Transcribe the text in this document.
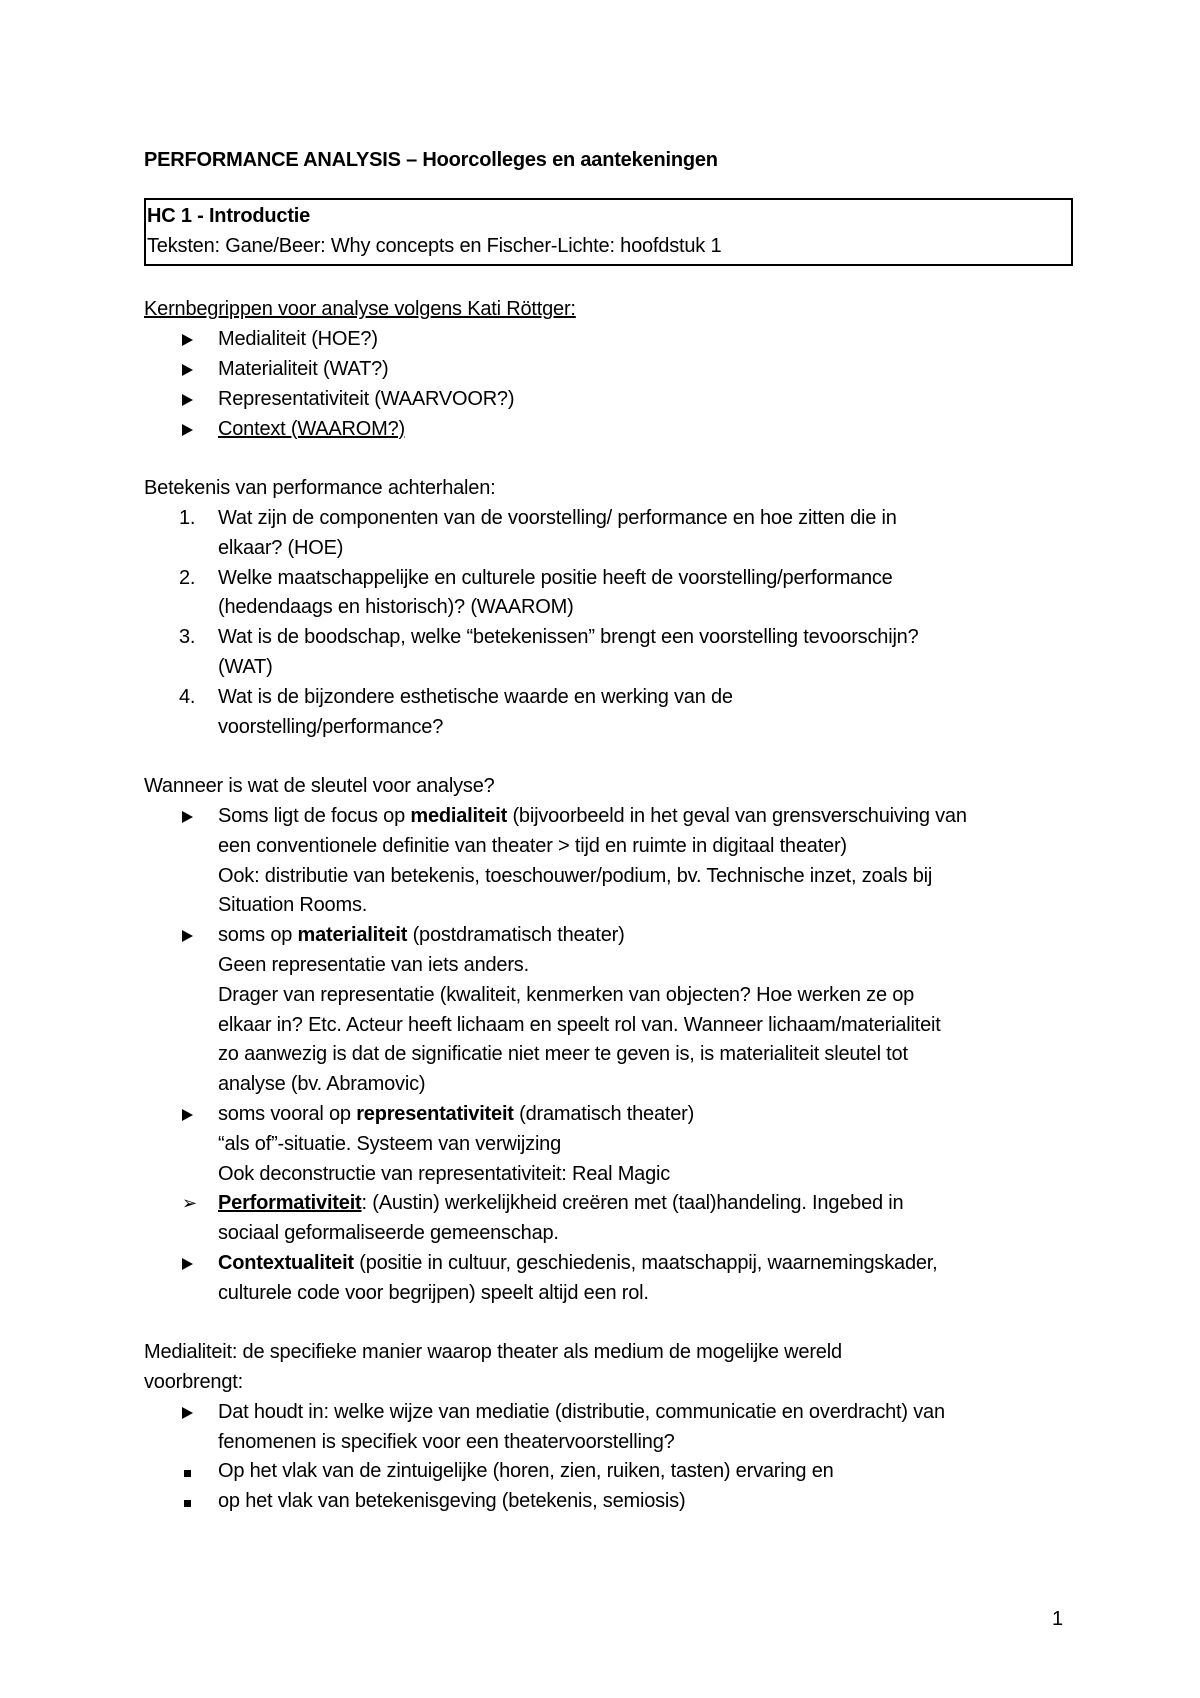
PERFORMANCE ANALYSIS – Hoorcolleges en aantekeningen
HC 1 - Introductie
Teksten: Gane/Beer: Why concepts en Fischer-Lichte: hoofdstuk 1
Kernbegrippen voor analyse volgens Kati Röttger:
Medialiteit (HOE?)
Materialiteit (WAT?)
Representativiteit (WAARVOOR?)
Context (WAAROM?)
Betekenis van performance achterhalen:
1. Wat zijn de componenten van de voorstelling/ performance en hoe zitten die in
elkaar? (HOE)
2. Welke maatschappelijke en culturele positie heeft de voorstelling/performance
(hedendaags en historisch)? (WAAROM)
3. Wat is de boodschap, welke “betekenissen” brengt een voorstelling tevoorschijn?
(WAT)
4. Wat is de bijzondere esthetische waarde en werking van de
voorstelling/performance?
Wanneer is wat de sleutel voor analyse?
Soms ligt de focus op medialiteit (bijvoorbeeld in het geval van grensverschuiving van
een conventionele definitie van theater > tijd en ruimte in digitaal theater)
Ook: distributie van betekenis, toeschouwer/podium, bv. Technische inzet, zoals bij
Situation Rooms.
soms op materialiteit (postdramatisch theater)
Geen representatie van iets anders.
Drager van representatie (kwaliteit, kenmerken van objecten? Hoe werken ze op
elkaar in? Etc. Acteur heeft lichaam en speelt rol van. Wanneer lichaam/materialiteit
zo aanwezig is dat de significatie niet meer te geven is, is materialiteit sleutel tot
analyse (bv. Abramovic)
soms vooral op representativiteit (dramatisch theater)
“als of”-situatie. Systeem van verwijzing
Ook deconstructie van representativiteit: Real Magic
➢	Performativiteit: (Austin) werkelijkheid creëren met (taal)handeling. Ingebed in
sociaal geformaliseerde gemeenschap.
Contextualiteit (positie in cultuur, geschiedenis, maatschappij, waarnemingskader,
culturele code voor begrijpen) speelt altijd een rol.
Medialiteit: de specifieke manier waarop theater als medium de mogelijke wereld
voorbrengt:
Dat houdt in: welke wijze van mediatie (distributie, communicatie en overdracht) van
fenomenen is specifiek voor een theatervoorstelling?
Op het vlak van de zintuigelijke (horen, zien, ruiken, tasten) ervaring en
op het vlak van betekenisgeving (betekenis, semiosis)
1
